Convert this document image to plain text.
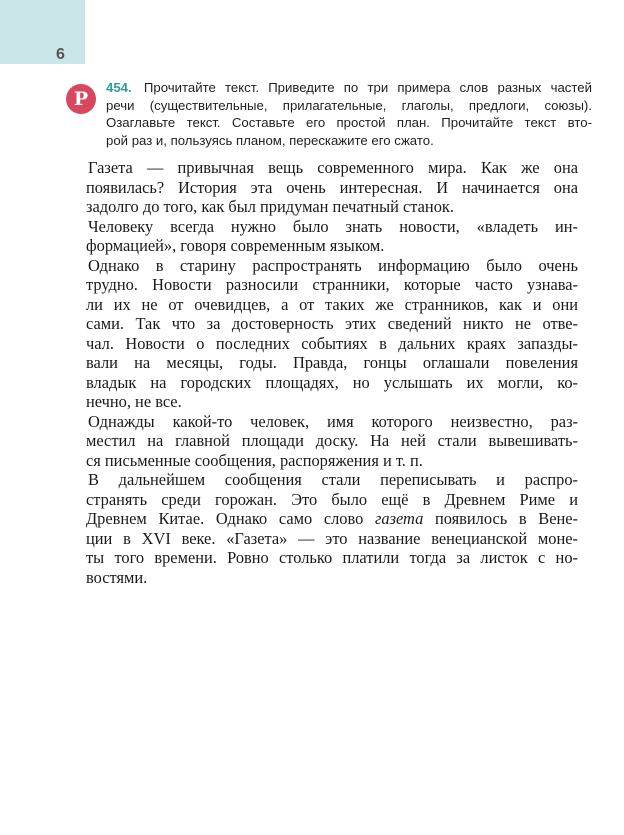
6
Р
454. Прочитайте текст. Приведите по три примера слов разных частей
речи (существительные, прилагательные, глаголы, предлоги, союзы).
Озаглавьте текст. Составьте его простой план. Прочитайте текст вто-
рой раз и, пользуясь планом, перескажите его сжато.

Газета — привычная вещь современного мира. Как же она
появилась? История эта очень интересная. И начинается она
задолго до того, как был придуман печатный станок.

Человеку всегда нужно было знать новости, «владеть ин-
формацией», говоря современным языком.

Однако в старину распространять информацию было очень
трудно. Новости разносили странники, которые часто узнава-
ли их не от очевидцев, а от таких же странников, как и они
сами. Так что за достоверность этих сведений никто не отве-
чал. Новости о последних событиях в дальних краях запазды-
вали на месяцы, годы. Правда, гонцы оглашали повеления
владык на городских площадях, но услышать их могли, ко-
нечно, не все.

Однажды какой-то человек, имя которого неизвестно, раз-
местил на главной площади доску. На ней стали вывешивать-
ся письменные сообщения, распоряжения и т. п.

В дальнейшем сообщения стали переписывать и распро-
странять среди горожан. Это было ещё в Древнем Риме и
Древнем Китае. Однако само слово газета появилось в Вене-
ции в XVI веке. «Газета» — это название венецианской моне-
ты того времени. Ровно столько платили тогда за листок с но-
востями.
